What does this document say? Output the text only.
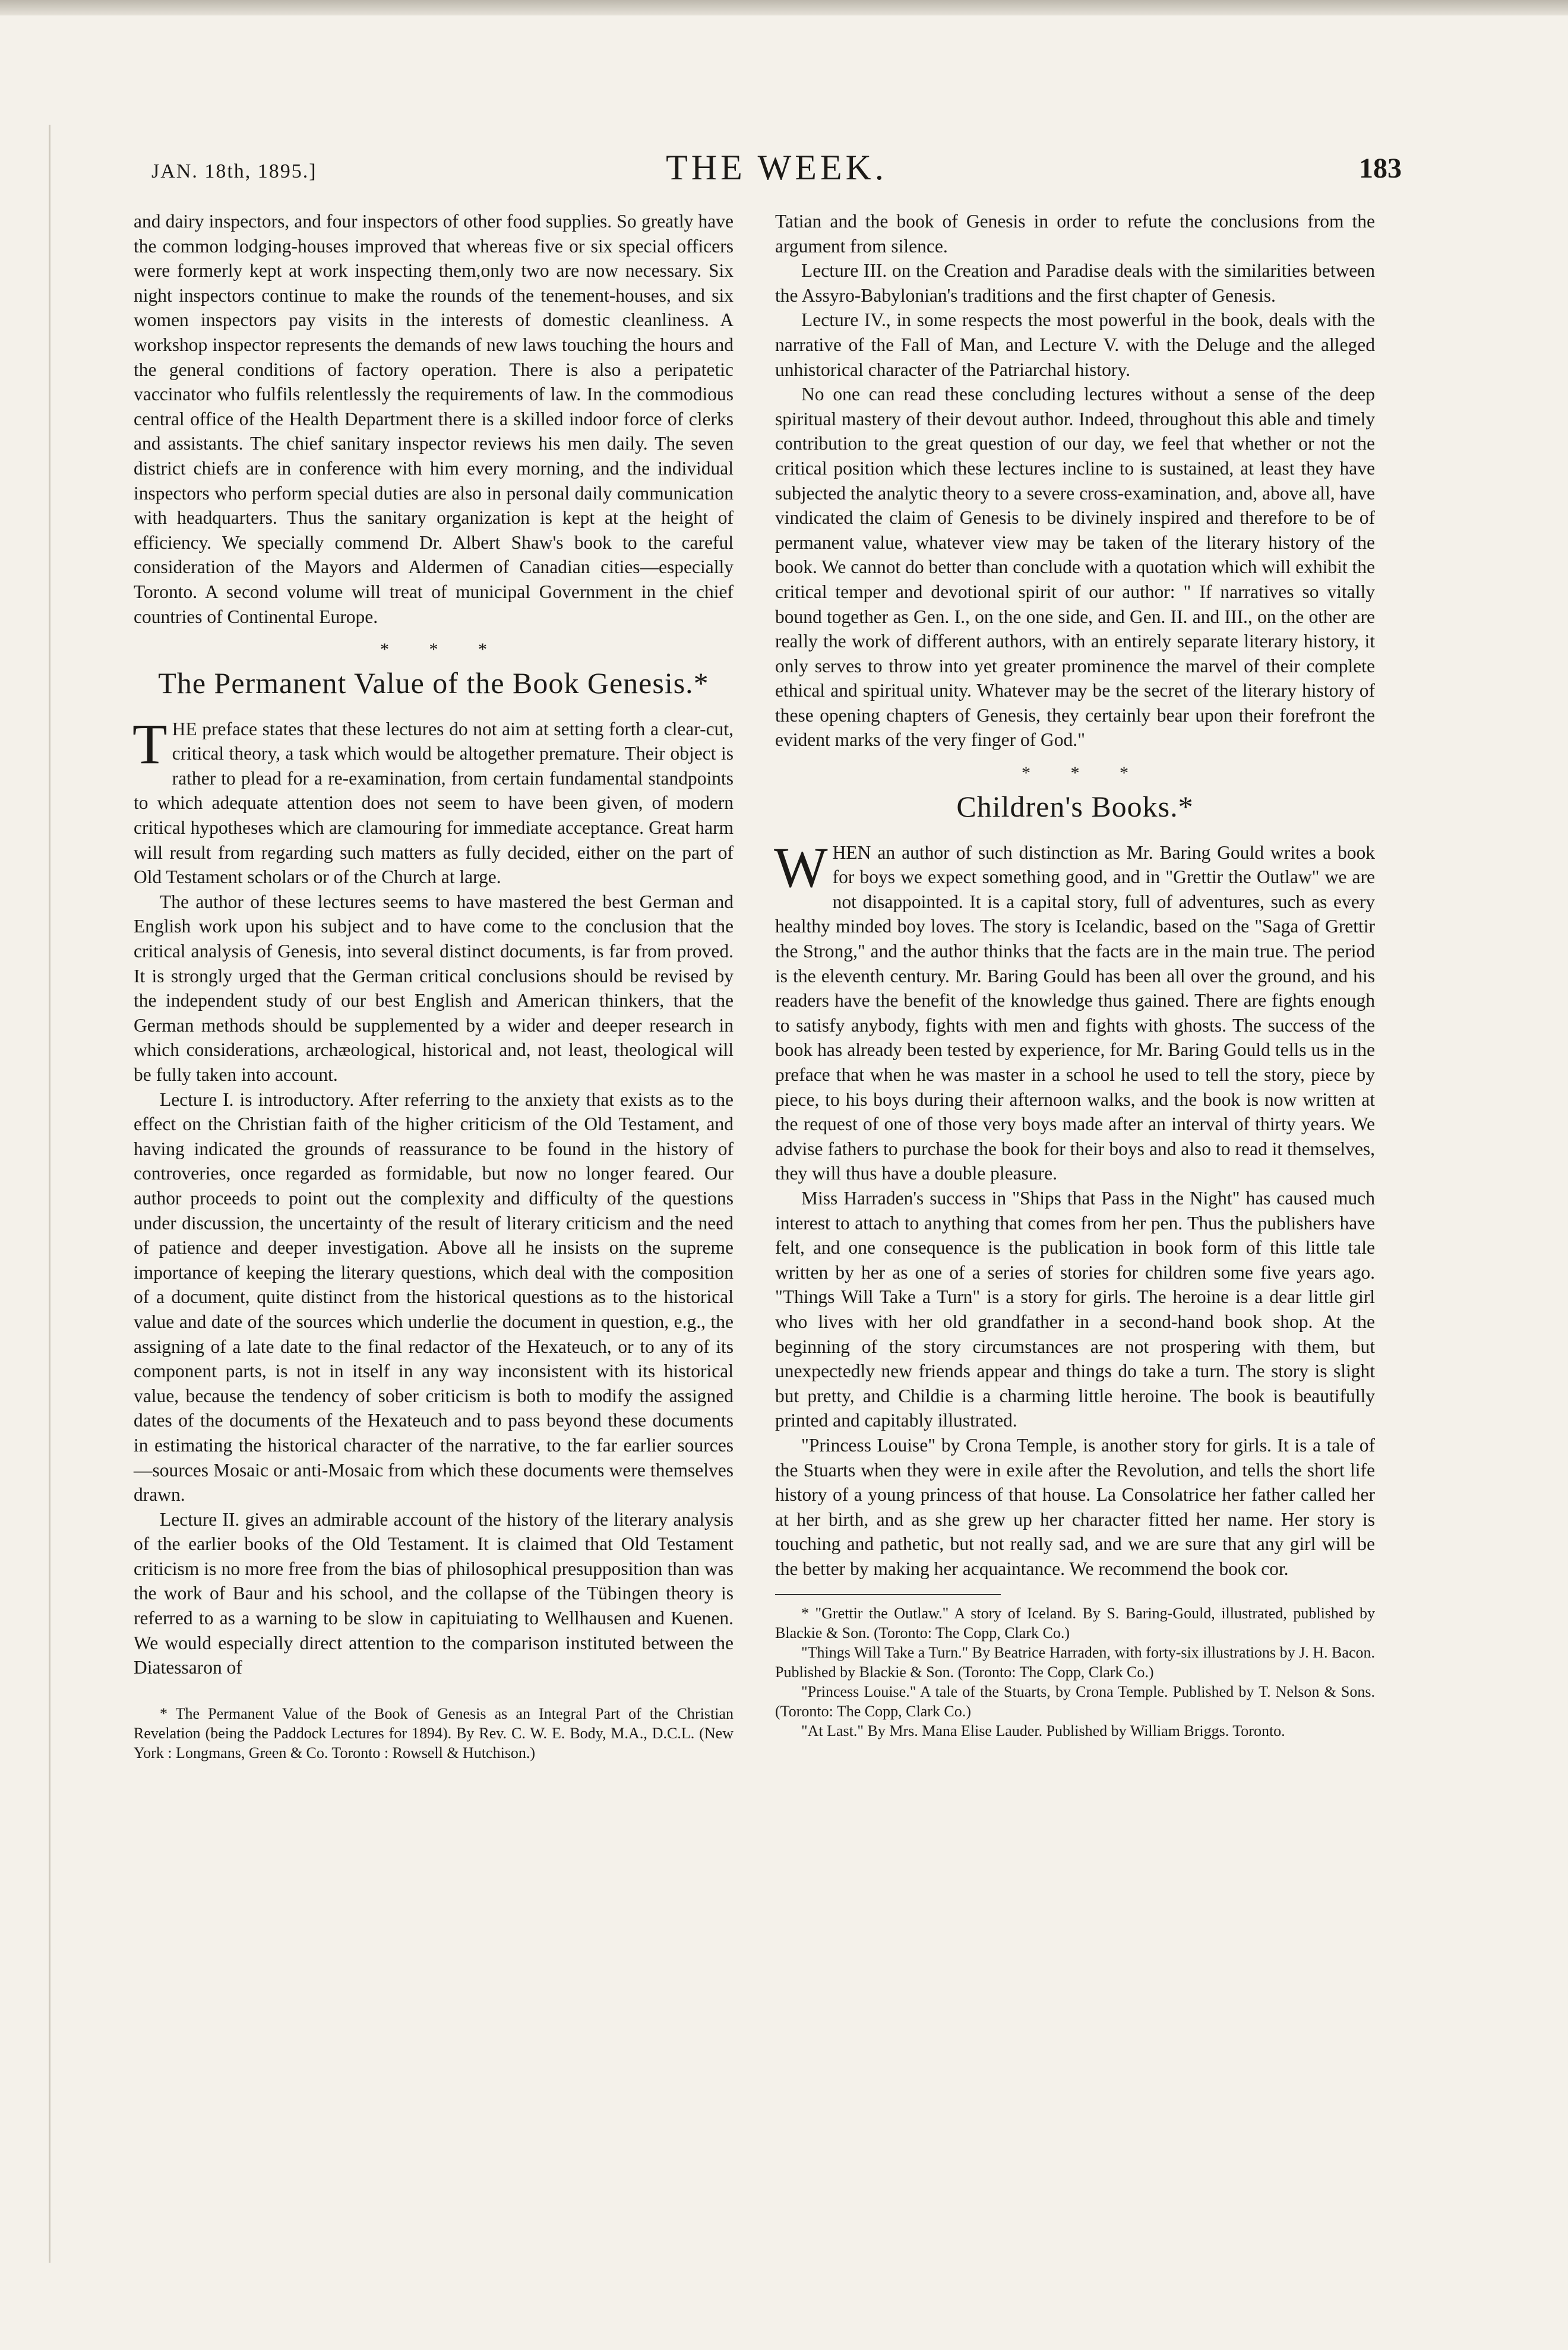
JAN. 18th, 1895.]	THE WEEK.	183

and dairy inspectors, and four inspectors of other food supplies. So greatly have the common lodging-houses improved that whereas five or six special officers were formerly kept at work inspecting them,only two are now necessary. Six night inspectors continue to make the rounds of the tenement-houses, and six women inspectors pay visits in the interests of domestic cleanliness. A workshop inspector represents the demands of new laws touching the hours and the general conditions of factory operation. There is also a peripatetic vaccinator who fulfils relentlessly the requirements of law. In the commodious central office of the Health Department there is a skilled indoor force of clerks and assistants. The chief sanitary inspector reviews his men daily. The seven district chiefs are in conference with him every morning, and the individual inspectors who perform special duties are also in personal daily communication with headquarters. Thus the sanitary organization is kept at the height of efficiency. We specially commend Dr. Albert Shaw's book to the careful consideration of the Mayors and Aldermen of Canadian cities—especially Toronto. A second volume will treat of municipal Government in the chief countries of Continental Europe.

* * *
The Permanent Value of the Book Genesis.*

THE preface states that these lectures do not aim at setting forth a clear-cut, critical theory, a task which would be altogether premature. Their object is rather to plead for a re-examination, from certain fundamental standpoints to which adequate attention does not seem to have been given, of modern critical hypotheses which are clamouring for immediate acceptance. Great harm will result from regarding such matters as fully decided, either on the part of Old Testament scholars or of the Church at large.

The author of these lectures seems to have mastered the best German and English work upon his subject and to have come to the conclusion that the critical analysis of Genesis, into several distinct documents, is far from proved. It is strongly urged that the German critical conclusions should be revised by the independent study of our best English and American thinkers, that the German methods should be supplemented by a wider and deeper research in which considerations, archæological, historical and, not least, theological will be fully taken into account.

Lecture I. is introductory. After referring to the anxiety that exists as to the effect on the Christian faith of the higher criticism of the Old Testament, and having indicated the grounds of reassurance to be found in the history of controveries, once regarded as formidable, but now no longer feared. Our author proceeds to point out the complexity and difficulty of the questions under discussion, the uncertainty of the result of literary criticism and the need of patience and deeper investigation. Above all he insists on the supreme importance of keeping the literary questions, which deal with the composition of a document, quite distinct from the historical questions as to the historical value and date of the sources which underlie the document in question, e.g., the assigning of a late date to the final redactor of the Hexateuch, or to any of its component parts, is not in itself in any way inconsistent with its historical value, because the tendency of sober criticism is both to modify the assigned dates of the documents of the Hexateuch and to pass beyond these documents in estimating the historical character of the narrative, to the far earlier sources—sources Mosaic or anti-Mosaic from which these documents were themselves drawn.

Lecture II. gives an admirable account of the history of the literary analysis of the earlier books of the Old Testament. It is claimed that Old Testament criticism is no more free from the bias of philosophical presupposition than was the work of Baur and his school, and the collapse of the Tübingen theory is referred to as a warning to be slow in capituiating to Wellhausen and Kuenen. We would especially direct attention to the comparison instituted between the Diatessaron of

* The Permanent Value of the Book of Genesis as an Integral Part of the Christian Revelation (being the Paddock Lectures for 1894). By Rev. C. W. E. Body, M.A., D.C.L. (New York : Longmans, Green & Co. Toronto : Rowsell & Hutchison.)

Tatian and the book of Genesis in order to refute the conclusions from the argument from silence.

Lecture III. on the Creation and Paradise deals with the similarities between the Assyro-Babylonian's traditions and the first chapter of Genesis.

Lecture IV., in some respects the most powerful in the book, deals with the narrative of the Fall of Man, and Lecture V. with the Deluge and the alleged unhistorical character of the Patriarchal history.

No one can read these concluding lectures without a sense of the deep spiritual mastery of their devout author. Indeed, throughout this able and timely contribution to the great question of our day, we feel that whether or not the critical position which these lectures incline to is sustained, at least they have subjected the analytic theory to a severe cross-examination, and, above all, have vindicated the claim of Genesis to be divinely inspired and therefore to be of permanent value, whatever view may be taken of the literary history of the book. We cannot do better than conclude with a quotation which will exhibit the critical temper and devotional spirit of our author: " If narratives so vitally bound together as Gen. I., on the one side, and Gen. II. and III., on the other are really the work of different authors, with an entirely separate literary history, it only serves to throw into yet greater prominence the marvel of their complete ethical and spiritual unity. Whatever may be the secret of the literary history of these opening chapters of Genesis, they certainly bear upon their forefront the evident marks of the very finger of God."

* * *
Children's Books.*

WHEN an author of such distinction as Mr. Baring Gould writes a book for boys we expect something good, and in "Grettir the Outlaw" we are not disappointed. It is a capital story, full of adventures, such as every healthy minded boy loves. The story is Icelandic, based on the "Saga of Grettir the Strong," and the author thinks that the facts are in the main true. The period is the eleventh century. Mr. Baring Gould has been all over the ground, and his readers have the benefit of the knowledge thus gained. There are fights enough to satisfy anybody, fights with men and fights with ghosts. The success of the book has already been tested by experience, for Mr. Baring Gould tells us in the preface that when he was master in a school he used to tell the story, piece by piece, to his boys during their afternoon walks, and the book is now written at the request of one of those very boys made after an interval of thirty years. We advise fathers to purchase the book for their boys and also to read it themselves, they will thus have a double pleasure.

Miss Harraden's success in "Ships that Pass in the Night" has caused much interest to attach to anything that comes from her pen. Thus the publishers have felt, and one consequence is the publication in book form of this little tale written by her as one of a series of stories for children some five years ago. "Things Will Take a Turn" is a story for girls. The heroine is a dear little girl who lives with her old grandfather in a second-hand book shop. At the beginning of the story circumstances are not prospering with them, but unexpectedly new friends appear and things do take a turn. The story is slight but pretty, and Childie is a charming little heroine. The book is beautifully printed and capitably illustrated.

"Princess Louise" by Crona Temple, is another story for girls. It is a tale of the Stuarts when they were in exile after the Revolution, and tells the short life history of a young princess of that house. La Consolatrice her father called her at her birth, and as she grew up her character fitted her name. Her story is touching and pathetic, but not really sad, and we are sure that any girl will be the better by making her acquaintance. We recommend the book cor.

* "Grettir the Outlaw." A story of Iceland. By S. Baring-Gould, illustrated, published by Blackie & Son. (Toronto: The Copp, Clark Co.)

"Things Will Take a Turn." By Beatrice Harraden, with forty-six illustrations by J. H. Bacon. Published by Blackie & Son. (Toronto: The Copp, Clark Co.)

"Princess Louise." A tale of the Stuarts, by Crona Temple. Published by T. Nelson & Sons. (Toronto: The Copp, Clark Co.)

"At Last." By Mrs. Mana Elise Lauder. Published by William Briggs. Toronto.
